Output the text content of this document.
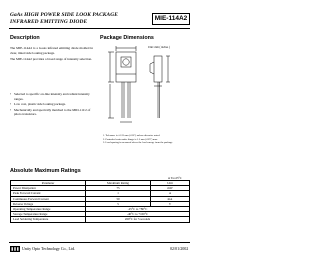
GaAs HIGH POWER SIDE LOOK PACKAGE
INFRARED EMITTING DIODE	MIE-114A2
Description

The MIE-114A2 is a GaAs infrared emitting diode molded in clear, tinted side looking package.

The MIE-114A2 provides a broad range of intensity selection.

• Selected to specific on-line intensity and radiant intensity ranges.
• Low cost, plastic side looking package.
• Mechanically and spectrally matched to the MID-11C2 of photo transistors.
Package Dimensions
Unit: mm ( inches )
1. Tolerance is ±0.25 mm (.010") unless otherwise noted.
2. Protruded resin under flange is 1.5 mm (.059") max.
3. Lead spacing is measured where the lead emerge from the package.
Absolute Maximum Ratings
at Ta=25°C
Parameter	Maximum Rating	Unit
Power Dissipation	75	mW
Peak Forward Current	1	A
Continuous Forward Current	50	mA
Reverse Voltage	5	V
Operating Temperature Range	-25°C to +80°C	
Storage Temperature Range	-40°C to +100°C	
Lead Soldering Temperature	260°C for 5 seconds	
Unity Opto Technology Co., Ltd.	02/01/2002
